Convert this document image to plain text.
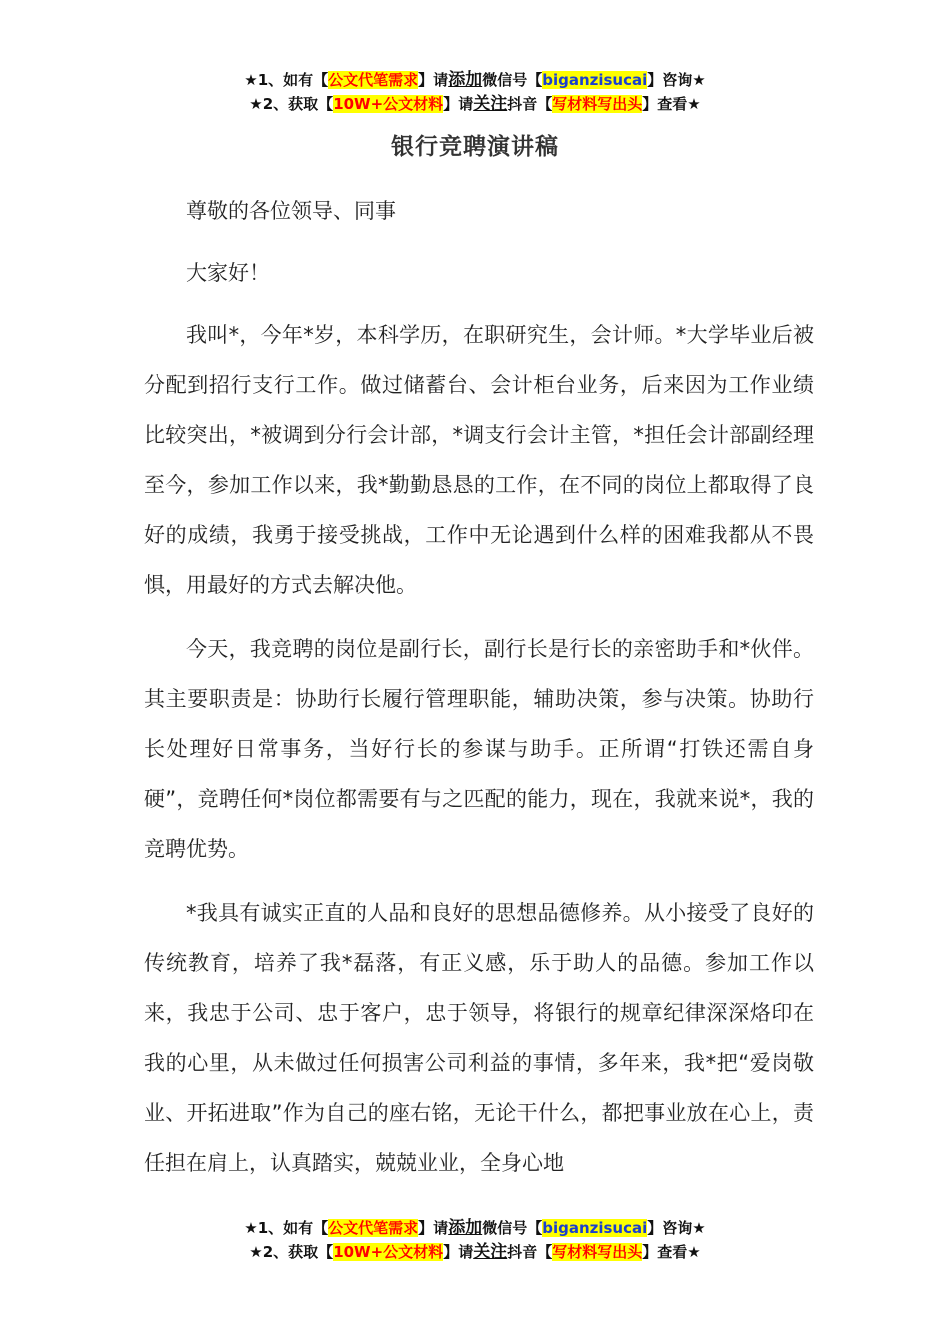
★1、如有【公文代笔需求】请添加微信号【biganzisucai】咨询★
★2、获取【10W+公文材料】请关注抖音【写材料写出头】查看★
银行竞聘演讲稿

尊敬的各位领导、同事

大家好！

我叫*，今年*岁，本科学历，在职研究生，会计师。*大学毕业后被分配到招行支行工作。做过储蓄台、会计柜台业务，后来因为工作业绩比较突出，*被调到分行会计部，*调支行会计主管，*担任会计部副经理至今，参加工作以来，我*勤勤恳恳的工作，在不同的岗位上都取得了良好的成绩，我勇于接受挑战，工作中无论遇到什么样的困难我都从不畏惧，用最好的方式去解决他。

今天，我竞聘的岗位是副行长，副行长是行长的亲密助手和*伙伴。其主要职责是：协助行长履行管理职能，辅助决策，参与决策。协助行长处理好日常事务，当好行长的参谋与助手。正所谓“打铁还需自身硬”，竞聘任何*岗位都需要有与之匹配的能力，现在，我就来说*，我的竞聘优势。

*我具有诚实正直的人品和良好的思想品德修养。从小接受了良好的传统教育，培养了我*磊落，有正义感，乐于助人的品德。参加工作以来，我忠于公司、忠于客户，忠于领导，将银行的规章纪律深深烙印在我的心里，从未做过任何损害公司利益的事情，多年来，我*把“爱岗敬业、开拓进取”作为自己的座右铭，无论干什么，都把事业放在心上，责任担在肩上，认真踏实，兢兢业业，全身心地

★1、如有【公文代笔需求】请添加微信号【biganzisucai】咨询★
★2、获取【10W+公文材料】请关注抖音【写材料写出头】查看★
